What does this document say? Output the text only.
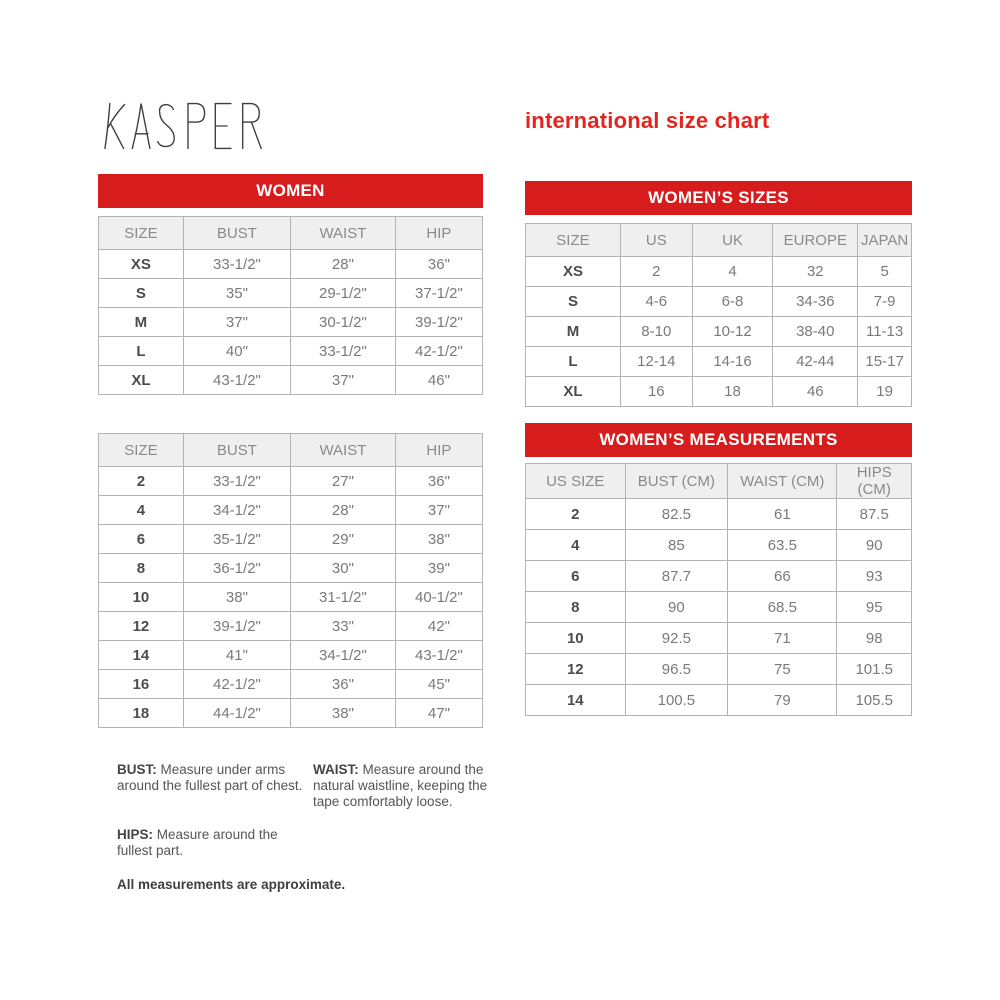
international size chart
WOMEN
SIZE	BUST	WAIST	HIP
XS	33-1/2"	28"	36"
S	35"	29-1/2"	37-1/2"
M	37"	30-1/2"	39-1/2"
L	40"	33-1/2"	42-1/2"
XL	43-1/2"	37"	46"
SIZE	BUST	WAIST	HIP
2	33-1/2"	27"	36"
4	34-1/2"	28"	37"
6	35-1/2"	29"	38"
8	36-1/2"	30"	39"
10	38"	31-1/2"	40-1/2"
12	39-1/2"	33"	42"
14	41"	34-1/2"	43-1/2"
16	42-1/2"	36"	45"
18	44-1/2"	38"	47"
WOMEN’S SIZES
SIZE	US	UK	EUROPE	JAPAN
XS	2	4	32	5
S	4-6	6-8	34-36	7-9
M	8-10	10-12	38-40	11-13
L	12-14	14-16	42-44	15-17
XL	16	18	46	19
WOMEN’S MEASUREMENTS
US SIZE	BUST (CM)	WAIST (CM)	HIPS (CM)
2	82.5	61	87.5
4	85	63.5	90
6	87.7	66	93
8	90	68.5	95
10	92.5	71	98
12	96.5	75	101.5
14	100.5	79	105.5

BUST: Measure under arms around the fullest part of chest.

WAIST: Measure around the natural waistline, keeping the tape comfortably loose.

HIPS: Measure around the fullest part.

All measurements are approximate.
